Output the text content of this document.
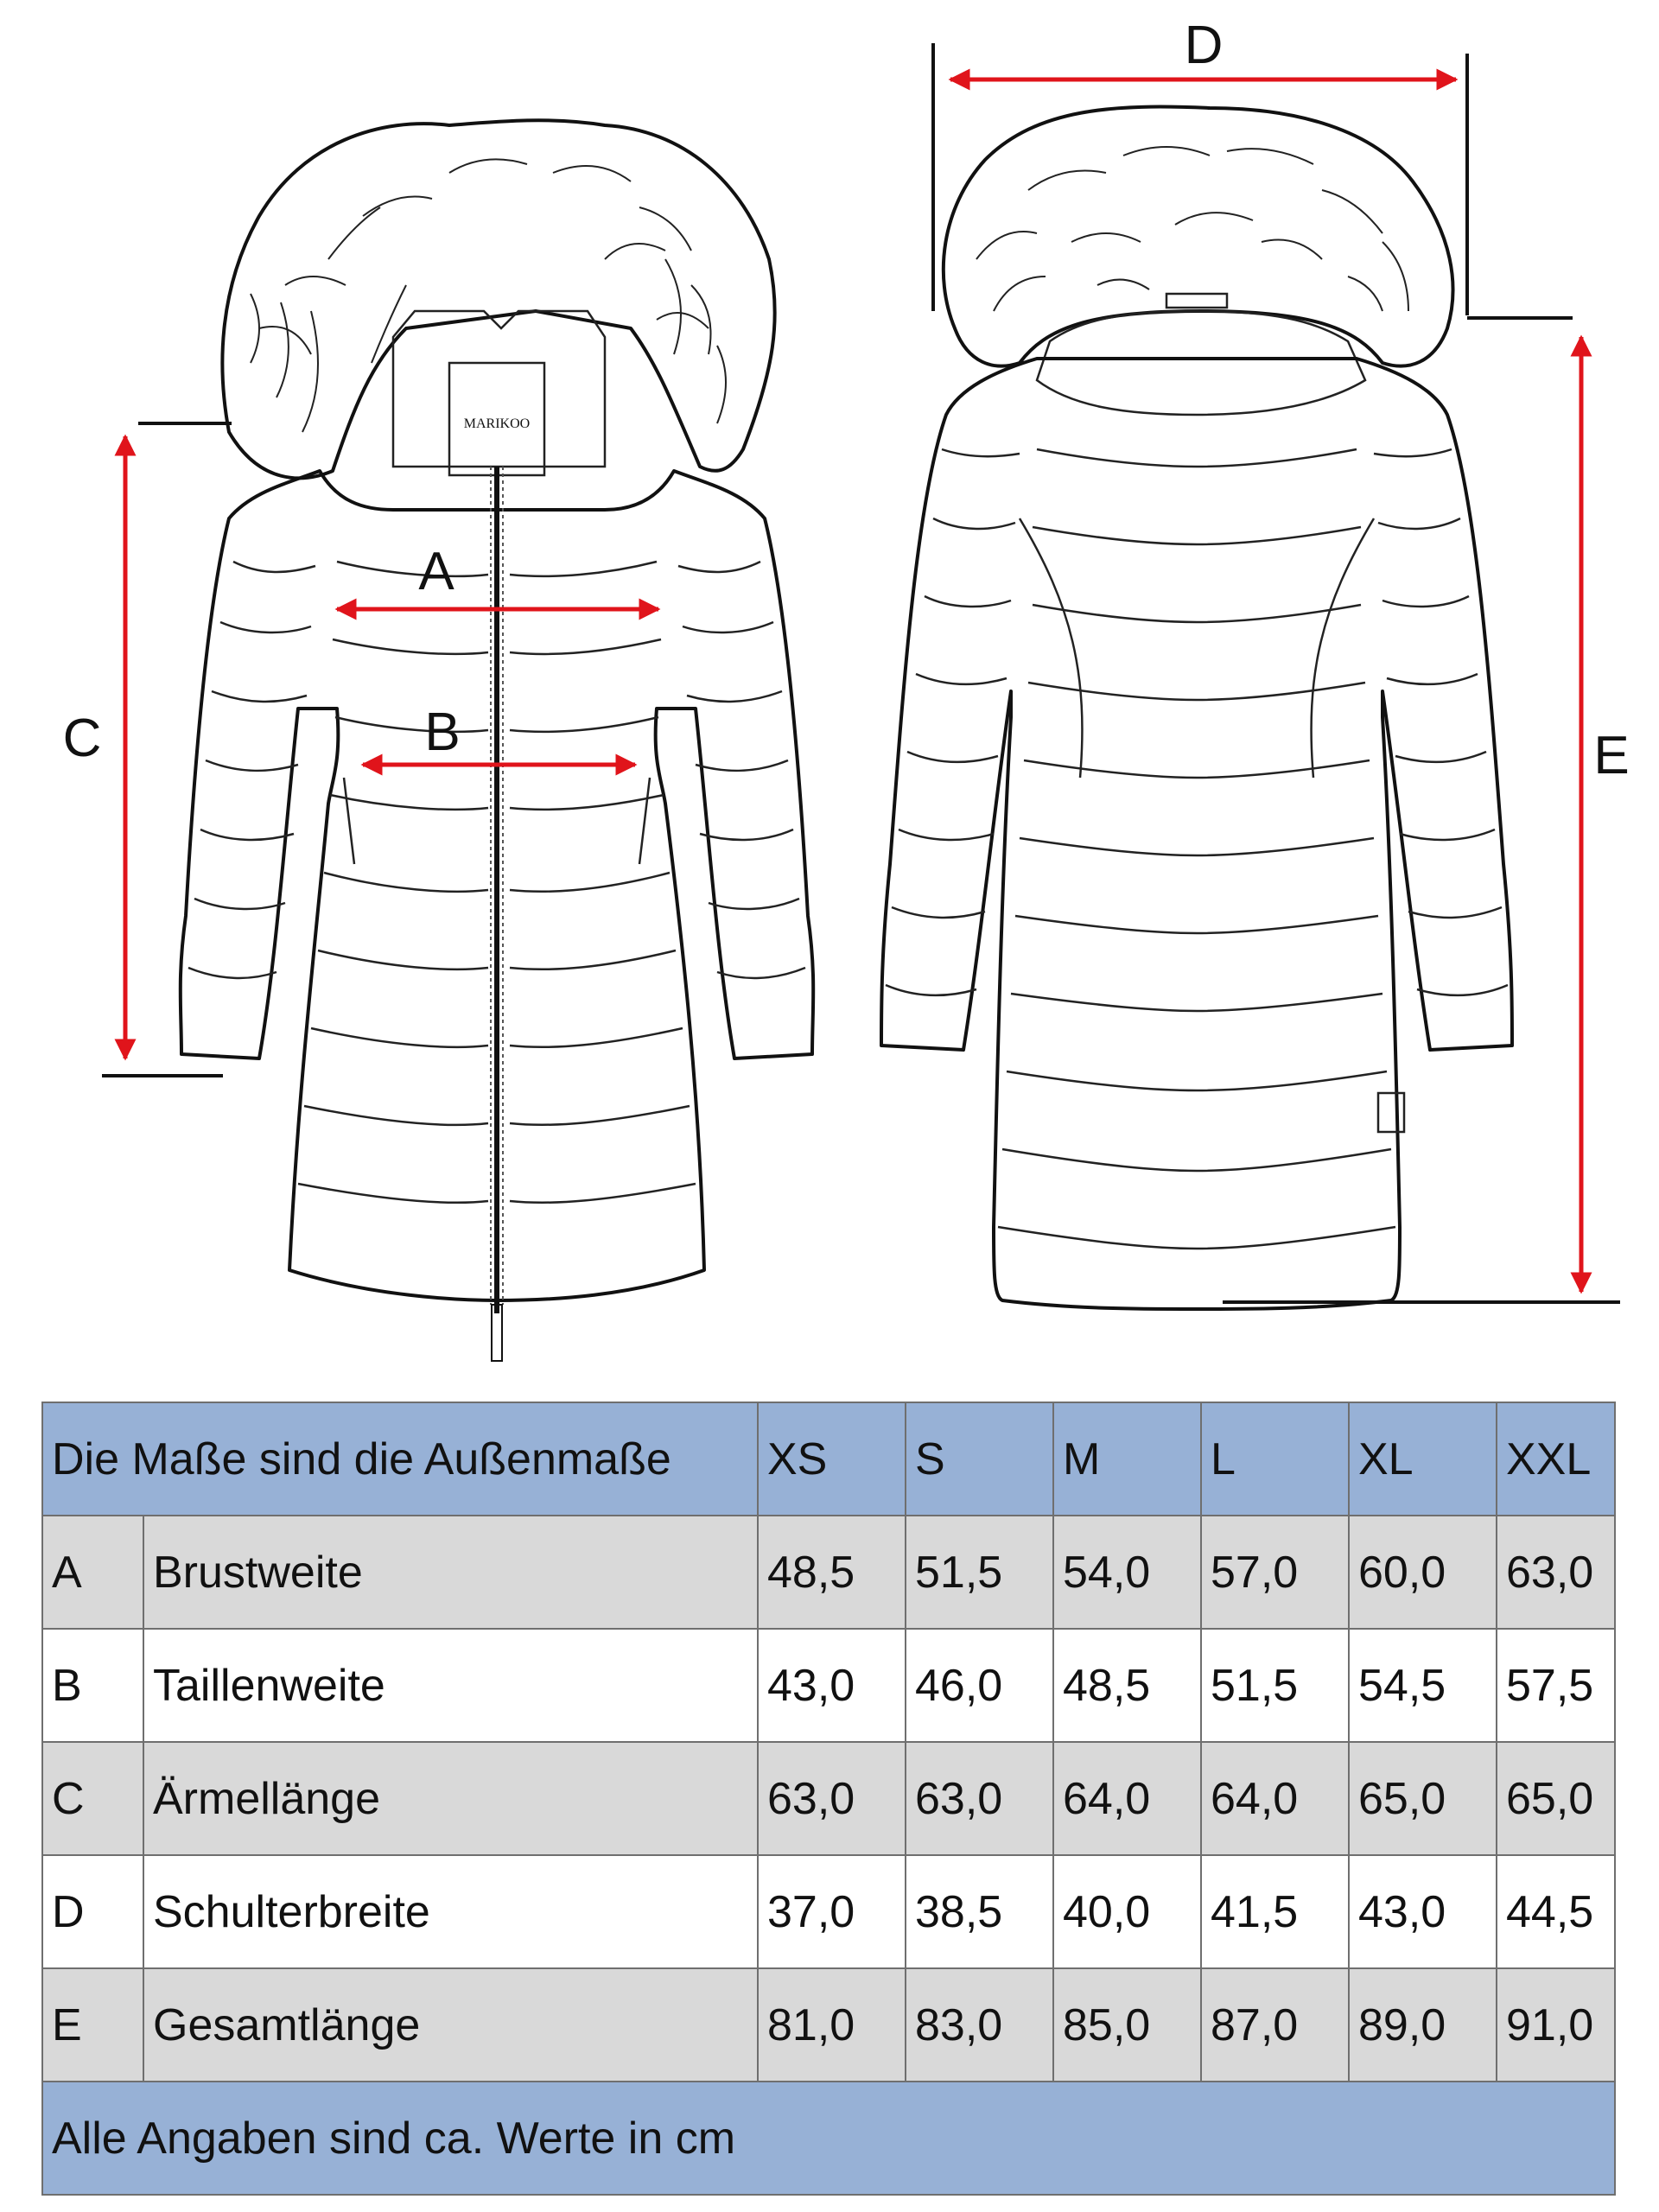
MARIKOO
A
B
C
D
E
Die Maße sind die Außenmaße		XS	S	M	L	XL	XXL
A	Brustweite	48,5	51,5	54,0	57,0	60,0	63,0
B	Taillenweite	43,0	46,0	48,5	51,5	54,5	57,5
C	Ärmellänge	63,0	63,0	64,0	64,0	65,0	65,0
D	Schulterbreite	37,0	38,5	40,0	41,5	43,0	44,5
E	Gesamtlänge	81,0	83,0	85,0	87,0	89,0	91,0
Alle Angaben sind ca. Werte in cm							
